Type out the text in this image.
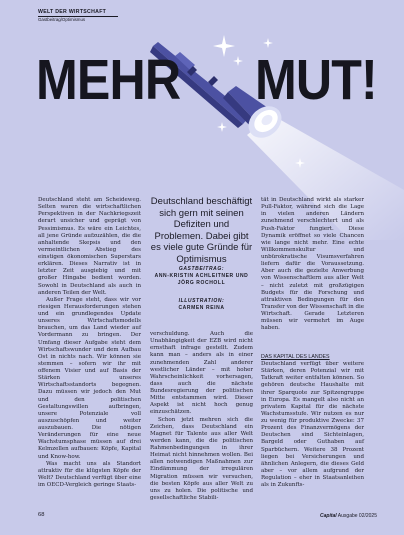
WELT DER WIRTSCHAFT
Gastbeitrag/Optimismus
MEHR MUT!

Deutschland steht am Scheideweg. Selten waren die wirtschaftlichen Perspektiven in der Nachkriegszeit derart unsicher und geprägt von Pessimismus. Es wäre ein Leichtes, all jene Gründe aufzuzählen, die die anhaltende Skepsis und den vermeintlichen Abstieg des einstigen ökonomischen Superstars erklären. Dieses Narrativ ist in letzter Zeit ausgiebig und mit großer Hingabe bedient worden. Sowohl in Deutschland als auch in anderen Teilen der Welt.

Außer Frage steht, dass wir vor riesigen Herausforderungen stehen und ein grundlegendes Update unseres Wirtschaftsmodells brauchen, um das Land wieder auf Vordermann zu bringen. Der Umfang dieser Aufgabe steht dem Wirtschaftswunder und dem Aufbau Ost in nichts nach. Wir können sie stemmen – sofern wir ihr mit offenem Visier und auf Basis der Stärken unseres Wirtschaftsstandorts begegnen. Dazu müssen wir jedoch den Mut und den politischen Gestaltungswillen aufbringen, unsere Potenziale voll auszuschöpfen und weiter auszubauen. Die nötigen Veränderungen für eine neue Wachstumsphase müssen auf drei Kelmzellen aufbauen: Köpfe, Kapital und Know-how.

Was macht uns als Standort attraktiv für die klügsten Köpfe der Welt? Deutschland verfügt über eine im OECD-Vergleich geringe Staats-

Deutschland beschäftigt sich gern mit seinen Defiziten und Problemen. Dabei gibt es viele gute Gründe für Optimismus
GASTBEITRAG:
ANN-KRISTIN ACHLEITNER UND JÖRG ROCHOLL
ILLUSTRATION:
CARMEN REINA

verschuldung. Auch die Unabhängigkeit der EZB wird nicht ernsthaft infrage gestellt. Zudem kann man – anders als in einer zunehmenden Zahl anderer westlicher Länder – mit hoher Wahrscheinlichkeit vorhersagen, dass auch die nächste Bundesregierung der politischen Mitte entstammen wird. Dieser Aspekt ist nicht hoch genug einzuschätzen.

Schon jetzt mehren sich die Zeichen, dass Deutschland ein Magnet für Talente aus aller Welt werden kann, die die politischen Rahmenbedingungen in ihrer Heimat nicht hinnehmen wollen. Bei allen notwendigen Maßnahmen zur Eindämmung der irregulären Migration müssen wir versuchen, die besten Köpfe aus aller Welt zu uns zu holen. Die politische und gesellschaftliche Stabili-

tät in Deutschland wirkt als starker Pull-Faktor, während sich die Lage in vielen anderen Ländern zunehmend verschlechtert und als Push-Faktor fungiert. Diese Dynamik eröffnet so viele Chancen wie lange nicht mehr. Eine echte Willkommenskultur und unbürokratische Visumsverfahren liefern dafür die Voraussetzung. Aber auch die gezielte Anwerbung von Wissenschaftlern aus aller Welt – nicht zuletzt mit großzügigen Budgets für die Forschung und attraktiven Bedingungen für den Transfer von der Wissenschaft in die Wirtschaft. Gerade Letzteren müssen wir vermehrt im Auge haben.

DAS KAPITAL DES LANDES

Deutschland verfügt über weitere Stärken, deren Potenzial wir mit Tatkraft weiter entfalten können. So gehören deutsche Haushalte mit ihrer Sparquote zur Spitzengruppe in Europa. Es mangelt also nicht an privatem Kapital für die nächste Wachstumsstufe. Wir nutzen es nur zu wenig für produktive Zwecke: 37 Prozent des Finanzvermögens der Deutschen sind Sichteinlagen, Bargeld oder Guthaben auf Sparbüchern. Weitere 38 Prozent liegen bei Versicherungen und ähnlichen Anlegern, die dieses Geld aber – vor allem aufgrund der Regulation – eher in Staatsanleihen als in Zukunfts-

68	Capital Ausgabe 02/2025
